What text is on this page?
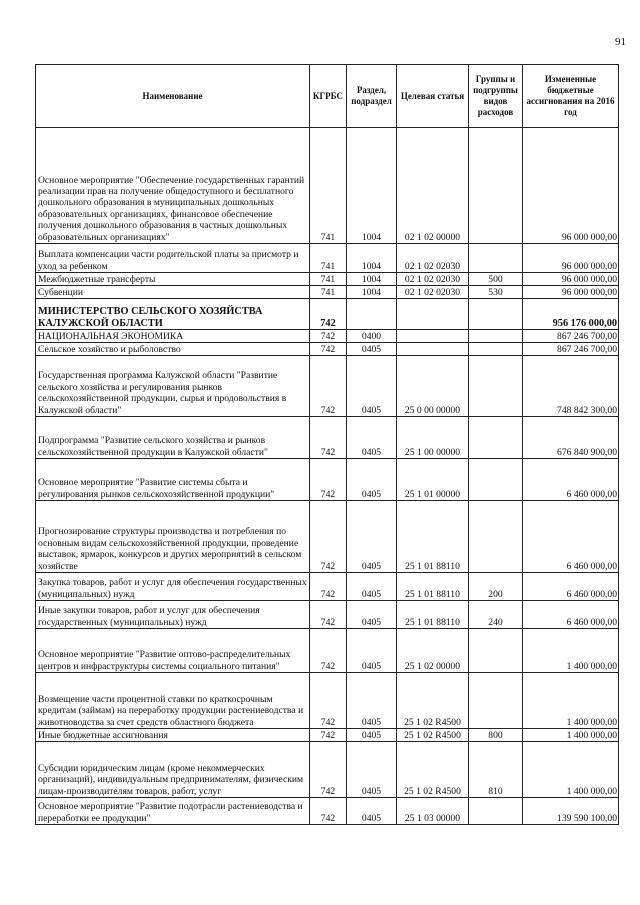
91
Наименование	КГРБС	Раздел, подраздел	Целевая статья	Группы и подгруппы видов расходов	Измененные бюджетные ассигнования на 2016 год
Основное мероприятие "Обеспечение государственных гарантий реализации прав на получение общедоступного и бесплатного дошкольного образования в муниципальных дошкольных образовательных организациях, финансовое обеспечение получения дошкольного образования в частных дошкольных образовательных организациях"	741	1004	02 1 02 00000		96 000 000,00
Выплата компенсации части родительской платы за присмотр и уход за ребенком	741	1004	02 1 02 02030		96 000 000,00
Межбюджетные трансферты	741	1004	02 1 02 02030	500	96 000 000,00
Субвенции	741	1004	02 1 02 02030	530	96 000 000,00
МИНИСТЕРСТВО СЕЛЬСКОГО ХОЗЯЙСТВА КАЛУЖСКОЙ ОБЛАСТИ	742				956 176 000,00
НАЦИОНАЛЬНАЯ ЭКОНОМИКА	742	0400			867 246 700,00
Сельское хозяйство и рыболовство	742	0405			867 246 700,00
Государственная программа Калужской области "Развитие сельского хозяйства и регулирования рынков сельскохозяйственной продукции, сырья и продовольствия в Калужской области"	742	0405	25 0 00 00000		748 842 300,00
Подпрограмма "Развитие сельского хозяйства и рынков сельскохозяйственной продукции в Калужской области"	742	0405	25 1 00 00000		676 840 900,00
Основное мероприятие "Развитие системы сбыта и регулирования рынков сельскохозяйственной продукции"	742	0405	25 1 01 00000		6 460 000,00
Прогнозирование структуры производства и потребления по основным видам сельскохозяйственной продукции, проведение выставок, ярмарок, конкурсов и других мероприятий в сельском хозяйстве	742	0405	25 1 01 88110		6 460 000,00
Закупка товаров, работ и услуг для обеспечения государственных (муниципальных) нужд	742	0405	25 1 01 88110	200	6 460 000,00
Иные закупки товаров, работ и услуг для обеспечения государственных (муниципальных) нужд	742	0405	25 1 01 88110	240	6 460 000,00
Основное мероприятие "Развитие оптово-распределительных центров и инфраструктуры системы социального питания"	742	0405	25 1 02 00000		1 400 000,00
Возмещение части процентной ставки по краткосрочным кредитам (займам) на переработку продукции растениеводства и животноводства за счет средств областного бюджета	742	0405	25 1 02 R4500		1 400 000,00
Иные бюджетные ассигнования	742	0405	25 1 02 R4500	800	1 400 000,00
Субсидии юридическим лицам (кроме некоммерческих организаций), индивидуальным предпринимателям, физическим лицам-производителям товаров, работ, услуг	742	0405	25 1 02 R4500	810	1 400 000,00
Основное мероприятие "Развитие подотрасли растениеводства и переработки ее продукции"	742	0405	25 1 03 00000		139 590 100,00
